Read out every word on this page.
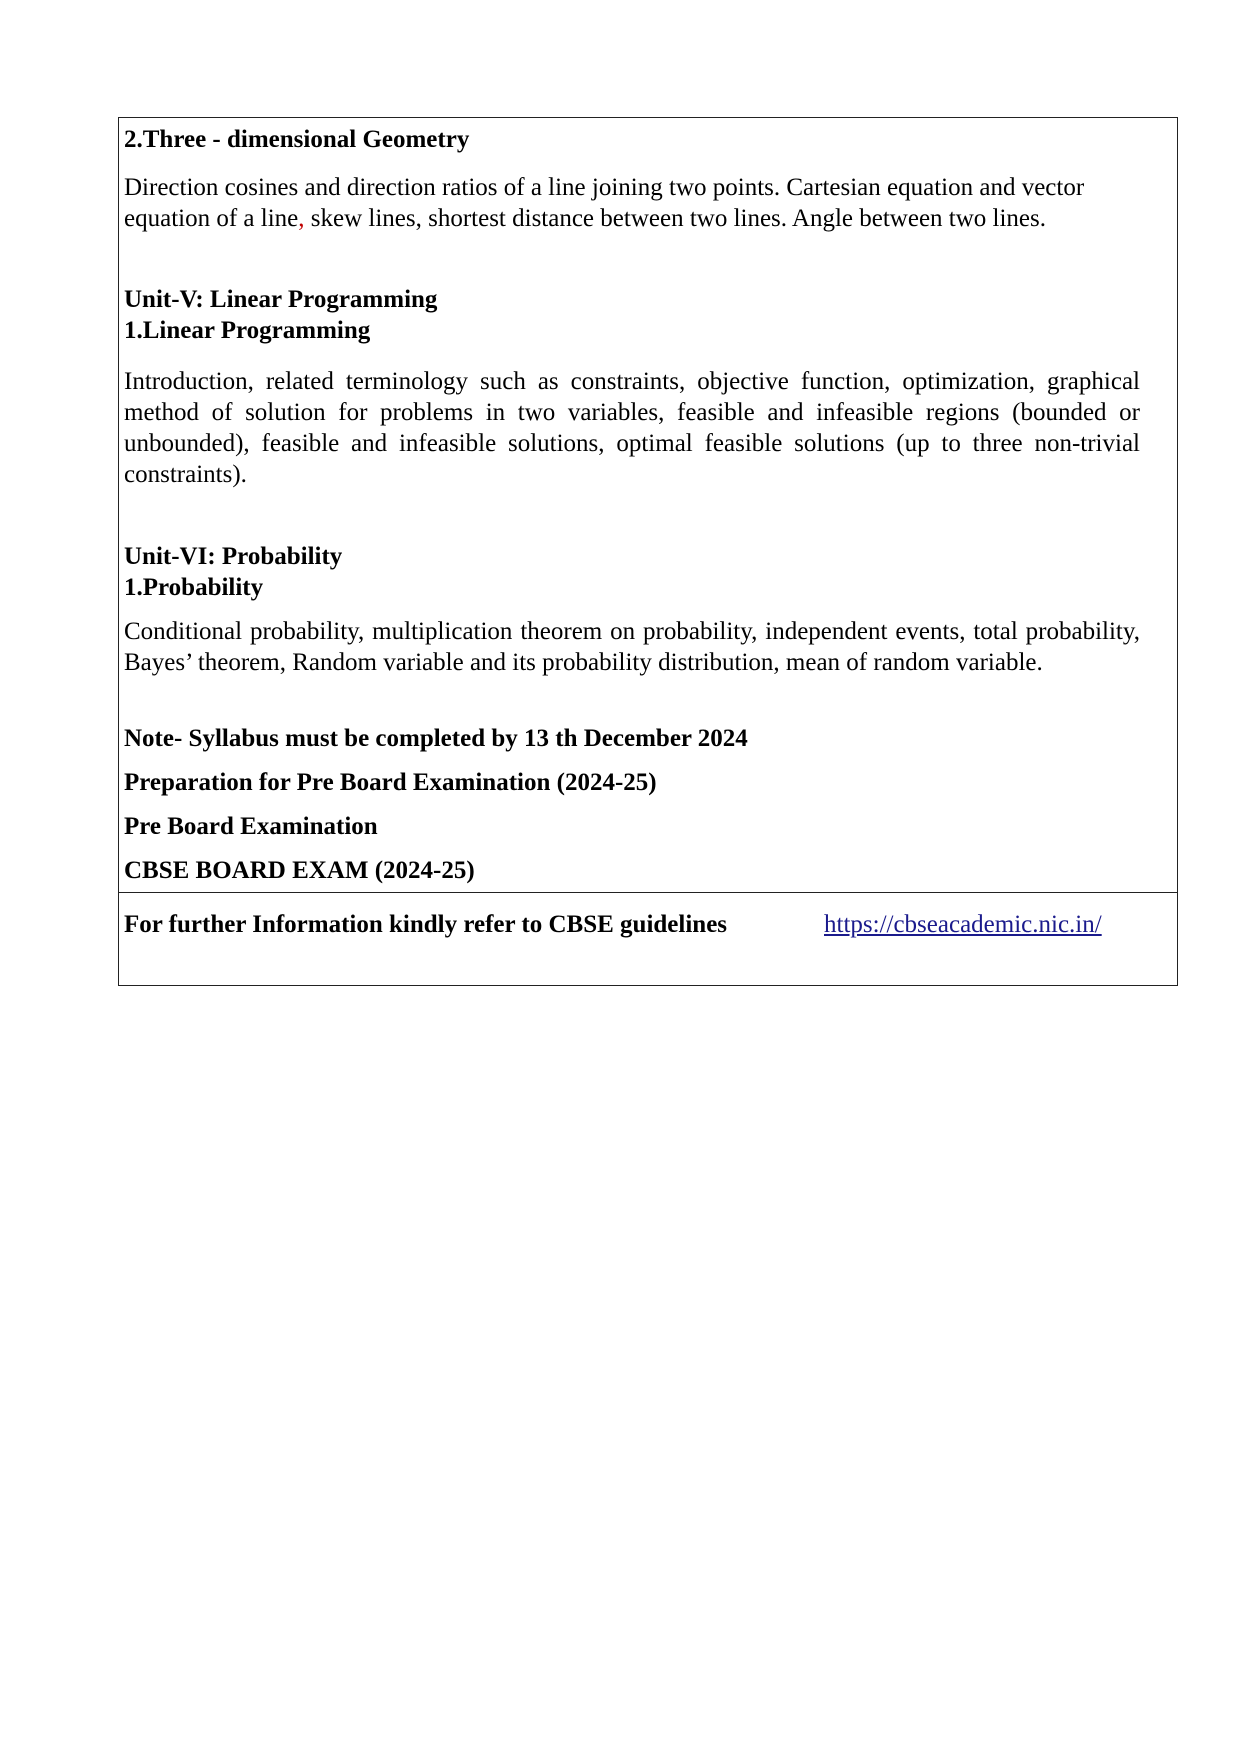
2.Three - dimensional Geometry

Direction cosines and direction ratios of a line joining two points. Cartesian equation and vector equation of a line, skew lines, shortest distance between two lines. Angle between two lines.

Unit-V: Linear Programming

1.Linear Programming

Introduction, related terminology such as constraints, objective function, optimization, graphical method of solution for problems in two variables, feasible and infeasible regions (bounded or unbounded), feasible and infeasible solutions, optimal feasible solutions (up to three non-trivial constraints).

Unit-VI: Probability

1.Probability

Conditional probability, multiplication theorem on probability, independent events, total probability, Bayes’ theorem, Random variable and its probability distribution, mean of random variable.

Note- Syllabus must be completed by 13 th December 2024

Preparation for Pre Board Examination (2024-25)

Pre Board Examination

CBSE BOARD EXAM (2024-25)

For further Information kindly refer to CBSE guidelines	https://cbseacademic.nic.in/
